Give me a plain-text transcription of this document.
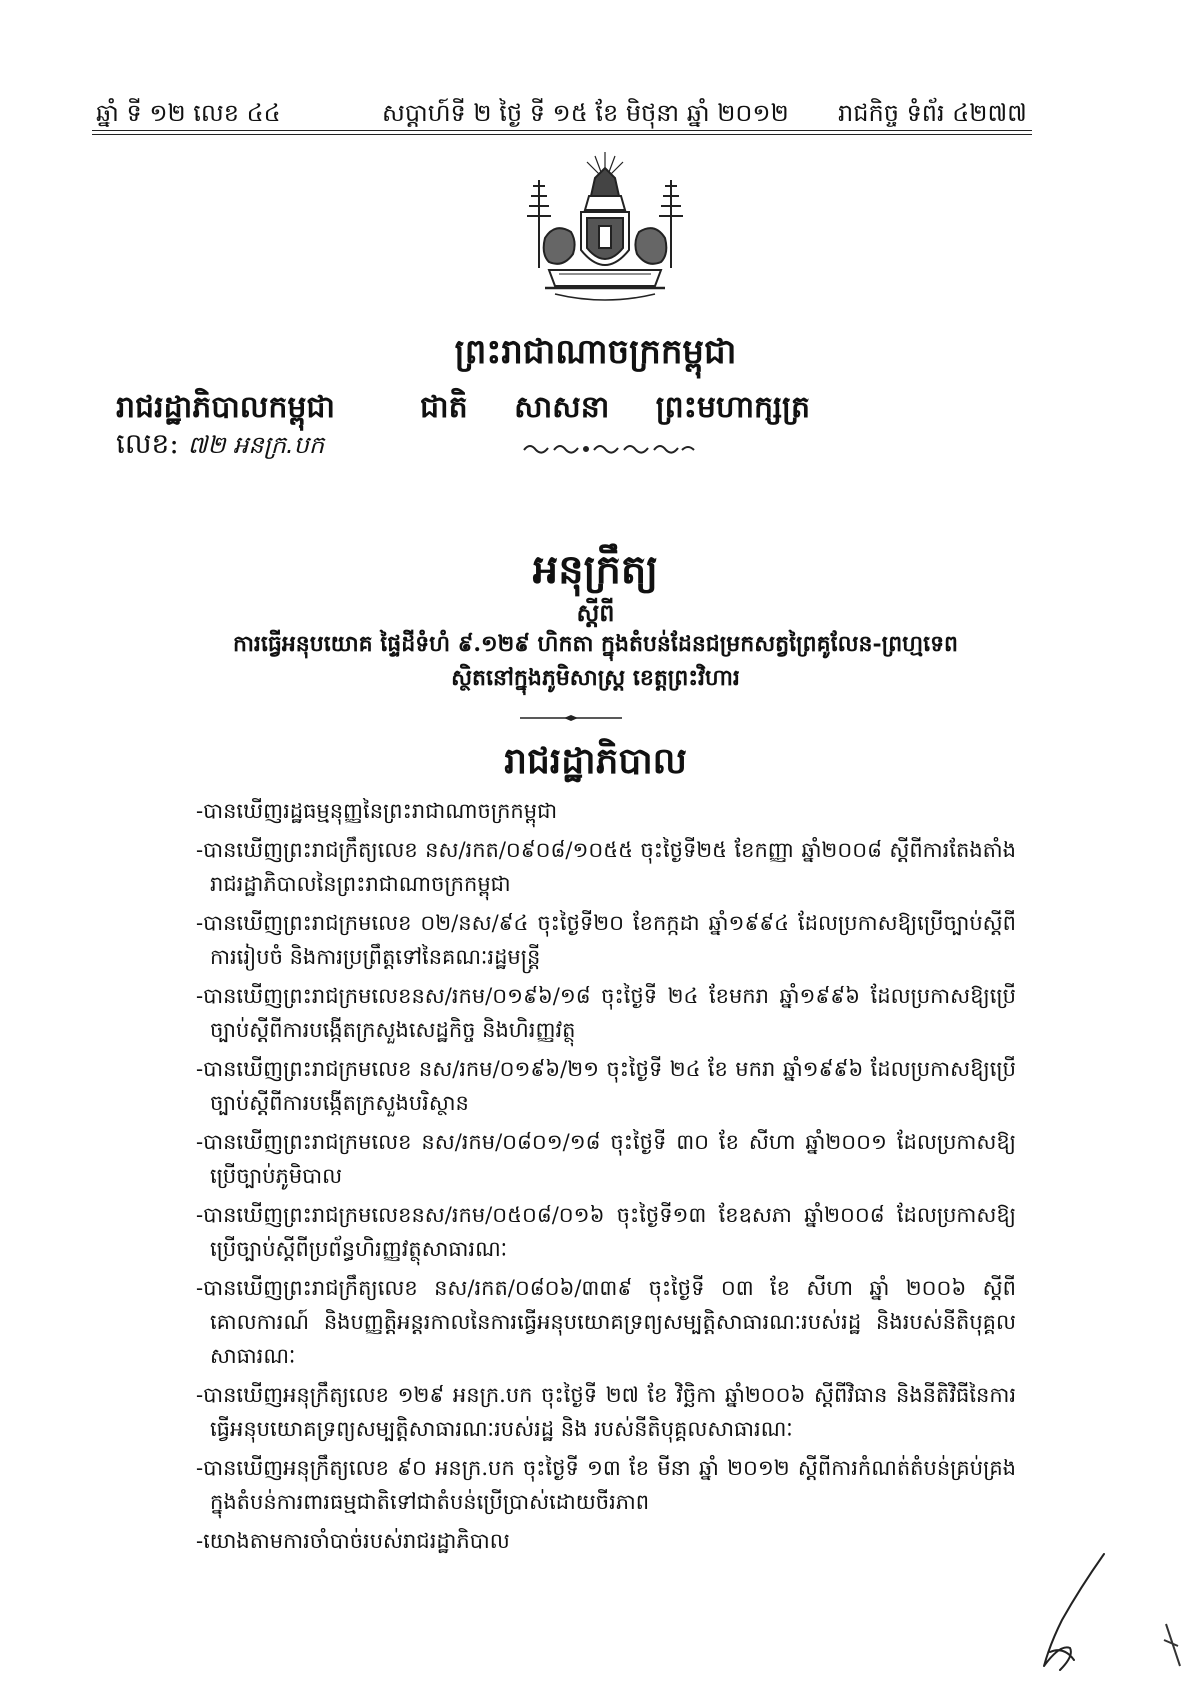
ឆ្នាំ ទី ១២ លេខ ៤៤	សប្តាហ៍ទី ២ ថ្ងៃ ទី ១៥ ខែ មិថុនា ឆ្នាំ ២០១២ រាជកិច្ច ទំព័រ ៤២៧៧
ព្រះរាជាណាចក្រកម្ពុជា
រាជរដ្ឋាភិបាលកម្ពុជា
លេខ: ៧២ អនក្រ.បក
ជាតិ សាសនា ព្រះមហាក្សត្រ
អនុក្រឹត្យ
ស្តីពី
ការធ្វើអនុបយោគ ផ្ទៃដីទំហំ ៩.១២៩ ហិកតា ក្នុងតំបន់ដែនជម្រកសត្វព្រៃគូលែន-ព្រហ្មទេព
ស្ថិតនៅក្នុងភូមិសាស្ត្រ ខេត្តព្រះវិហារ
រាជរដ្ឋាភិបាល
-បានឃើញរដ្ឋធម្មនុញ្ញនៃព្រះរាជាណាចក្រកម្ពុជា
-បានឃើញព្រះរាជក្រឹត្យលេខ នស/រកត/០៩០៨/១០៥៥ ចុះថ្ងៃទី២៥ ខែកញ្ញា ឆ្នាំ២០០៨ ស្តីពីការតែងតាំងរាជរដ្ឋាភិបាលនៃព្រះរាជាណាចក្រកម្ពុជា
-បានឃើញព្រះរាជក្រមលេខ ០២/នស/៩៤ ចុះថ្ងៃទី២០ ខែកក្កដា ឆ្នាំ១៩៩៤ ដែលប្រកាសឱ្យប្រើច្បាប់ស្តីពីការរៀបចំ និងការប្រព្រឹត្តទៅនៃគណៈរដ្ឋមន្ត្រី
-បានឃើញព្រះរាជក្រមលេខនស/រកម/០១៩៦/១៨ ចុះថ្ងៃទី ២៤ ខែមករា ឆ្នាំ១៩៩៦ ដែលប្រកាសឱ្យប្រើច្បាប់ស្តីពីការបង្កើតក្រសួងសេដ្ឋកិច្ច និងហិរញ្ញវត្ថុ
-បានឃើញព្រះរាជក្រមលេខ នស/រកម/០១៩៦/២១ ចុះថ្ងៃទី ២៤ ខែ មករា ឆ្នាំ១៩៩៦ ដែលប្រកាសឱ្យប្រើច្បាប់ស្តីពីការបង្កើតក្រសួងបរិស្ថាន
-បានឃើញព្រះរាជក្រមលេខ នស/រកម/០៨០១/១៨ ចុះថ្ងៃទី ៣០ ខែ សីហា ឆ្នាំ២០០១ ដែលប្រកាសឱ្យប្រើច្បាប់ភូមិបាល
-បានឃើញព្រះរាជក្រមលេខនស/រកម/០៥០៨/០១៦ ចុះថ្ងៃទី១៣ ខែឧសភា ឆ្នាំ២០០៨ ដែលប្រកាសឱ្យប្រើច្បាប់ស្តីពីប្រព័ន្ធហិរញ្ញវត្ថុសាធារណៈ
-បានឃើញព្រះរាជក្រឹត្យលេខ នស/រកត/០៨០៦/៣៣៩ ចុះថ្ងៃទី ០៣ ខែ សីហា ឆ្នាំ ២០០៦ ស្តីពីគោលការណ៍ និងបញ្ញត្តិអន្តរកាលនៃការធ្វើអនុបយោគទ្រព្យសម្បត្តិសាធារណៈរបស់រដ្ឋ និងរបស់នីតិបុគ្គលសាធារណៈ
-បានឃើញអនុក្រឹត្យលេខ ១២៩ អនក្រ.បក ចុះថ្ងៃទី ២៧ ខែ វិច្ឆិកា ឆ្នាំ២០០៦ ស្តីពីវិធាន និងនីតិវិធីនៃការធ្វើអនុបយោគទ្រព្យសម្បត្តិសាធារណៈរបស់រដ្ឋ និង របស់នីតិបុគ្គលសាធារណៈ
-បានឃើញអនុក្រឹត្យលេខ ៩០ អនក្រ.បក ចុះថ្ងៃទី ១៣ ខែ មីនា ឆ្នាំ ២០១២ ស្តីពីការកំណត់តំបន់គ្រប់គ្រង ក្នុងតំបន់ការពារធម្មជាតិទៅជាតំបន់ប្រើប្រាស់ដោយចីរភាព
-យោងតាមការចាំបាច់របស់រាជរដ្ឋាភិបាល
